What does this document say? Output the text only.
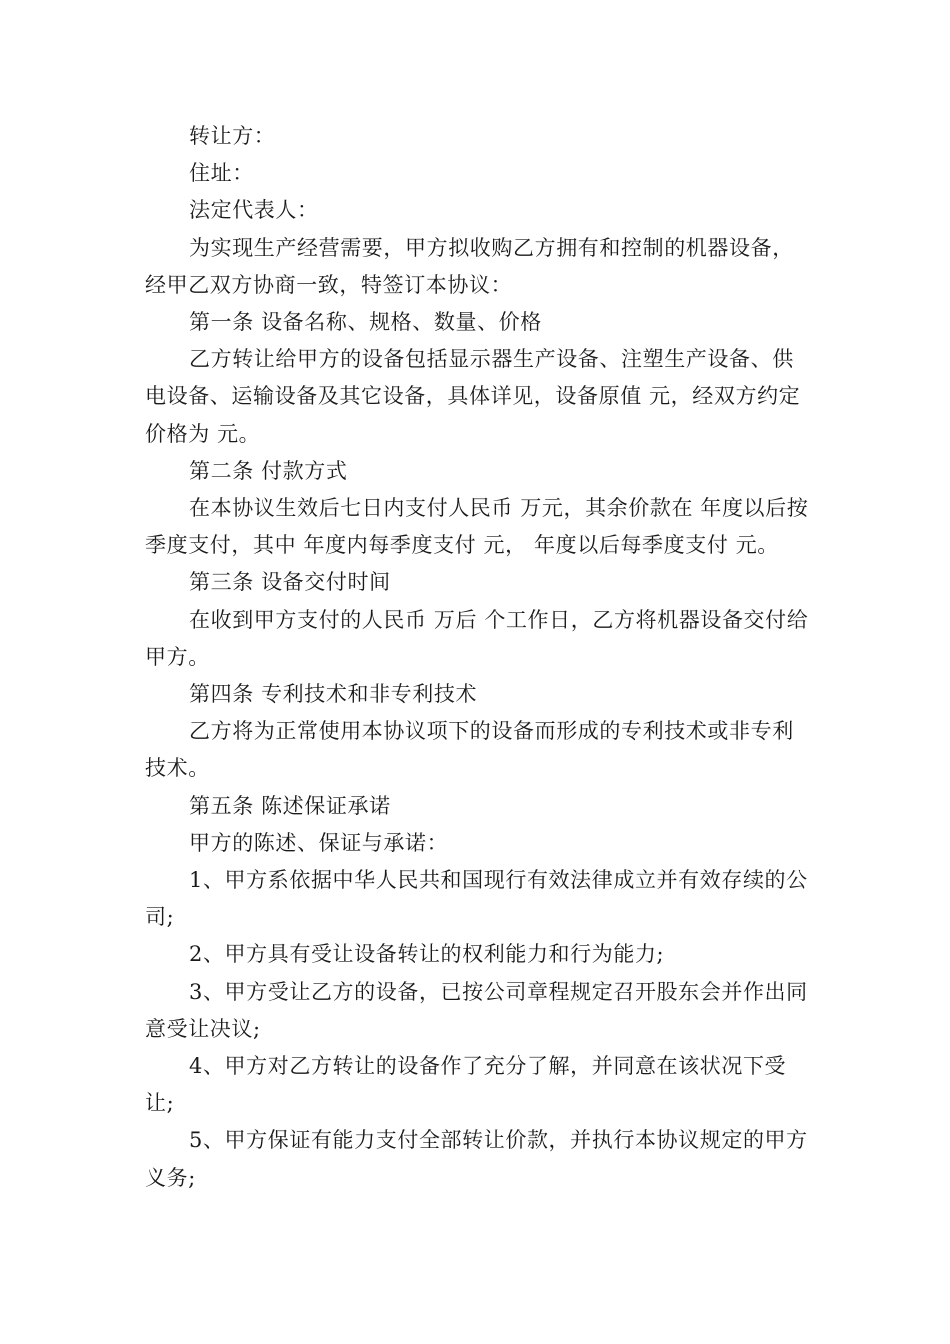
转让方：

住址：

法定代表人：

为实现生产经营需要，甲方拟收购乙方拥有和控制的机器设备，经甲乙双方协商一致，特签订本协议：

第一条 设备名称、规格、数量、价格

乙方转让给甲方的设备包括显示器生产设备、注塑生产设备、供电设备、运输设备及其它设备，具体详见，设备原值 元，经双方约定价格为 元。

第二条 付款方式

在本协议生效后七日内支付人民币 万元，其余价款在 年度以后按季度支付，其中 年度内每季度支付 元， 年度以后每季度支付 元。

第三条 设备交付时间

在收到甲方支付的人民币 万后 个工作日，乙方将机器设备交付给甲方。

第四条 专利技术和非专利技术

乙方将为正常使用本协议项下的设备而形成的专利技术或非专利技术。

第五条 陈述保证承诺

甲方的陈述、保证与承诺：

1、甲方系依据中华人民共和国现行有效法律成立并有效存续的公司;

2、甲方具有受让设备转让的权利能力和行为能力;

3、甲方受让乙方的设备，已按公司章程规定召开股东会并作出同意受让决议;

4、甲方对乙方转让的设备作了充分了解，并同意在该状况下受让;

5、甲方保证有能力支付全部转让价款，并执行本协议规定的甲方义务;
